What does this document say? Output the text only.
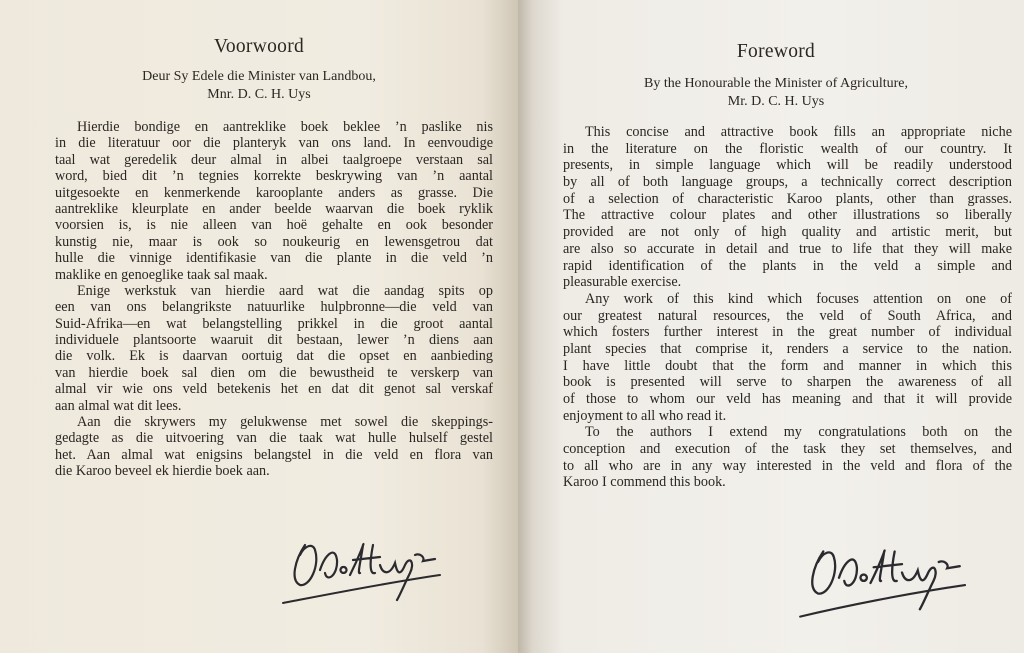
Voorwoord
Deur Sy Edele die Minister van Landbou,
Mnr. D. C. H. Uys
Hierdie bondige en aantreklike boek beklee ’n paslike nis
in die literatuur oor die planteryk van ons land. In eenvoudige
taal wat geredelik deur almal in albei taalgroepe verstaan sal
word, bied dit ’n tegnies korrekte beskrywing van ’n aantal
uitgesoekte en kenmerkende karooplante anders as grasse. Die
aantreklike kleurplate en ander beelde waarvan die boek ryklik
voorsien is, is nie alleen van hoë gehalte en ook besonder
kunstig nie, maar is ook so noukeurig en lewensgetrou dat
hulle die vinnige identifikasie van die plante in die veld ’n
maklike en genoeglike taak sal maak.
Enige werkstuk van hierdie aard wat die aandag spits op
een van ons belangrikste natuurlike hulpbronne—die veld van
Suid-Afrika—en wat belangstelling prikkel in die groot aantal
individuele plantsoorte waaruit dit bestaan, lewer ’n diens aan
die volk. Ek is daarvan oortuig dat die opset en aanbieding
van hierdie boek sal dien om die bewustheid te verskerp van
almal vir wie ons veld betekenis het en dat dit genot sal verskaf
aan almal wat dit lees.
Aan die skrywers my gelukwense met sowel die skeppings-
gedagte as die uitvoering van die taak wat hulle hulself gestel
het. Aan almal wat enigsins belangstel in die veld en flora van
die Karoo beveel ek hierdie boek aan.
Foreword
By the Honourable the Minister of Agriculture,
Mr. D. C. H. Uys
This concise and attractive book fills an appropriate niche
in the literature on the floristic wealth of our country. It
presents, in simple language which will be readily understood
by all of both language groups, a technically correct description
of a selection of characteristic Karoo plants, other than grasses.
The attractive colour plates and other illustrations so liberally
provided are not only of high quality and artistic merit, but
are also so accurate in detail and true to life that they will make
rapid identification of the plants in the veld a simple and
pleasurable exercise.
Any work of this kind which focuses attention on one of
our greatest natural resources, the veld of South Africa, and
which fosters further interest in the great number of individual
plant species that comprise it, renders a service to the nation.
I have little doubt that the form and manner in which this
book is presented will serve to sharpen the awareness of all
of those to whom our veld has meaning and that it will provide
enjoyment to all who read it.
To the authors I extend my congratulations both on the
conception and execution of the task they set themselves, and
to all who are in any way interested in the veld and flora of the
Karoo I commend this book.
